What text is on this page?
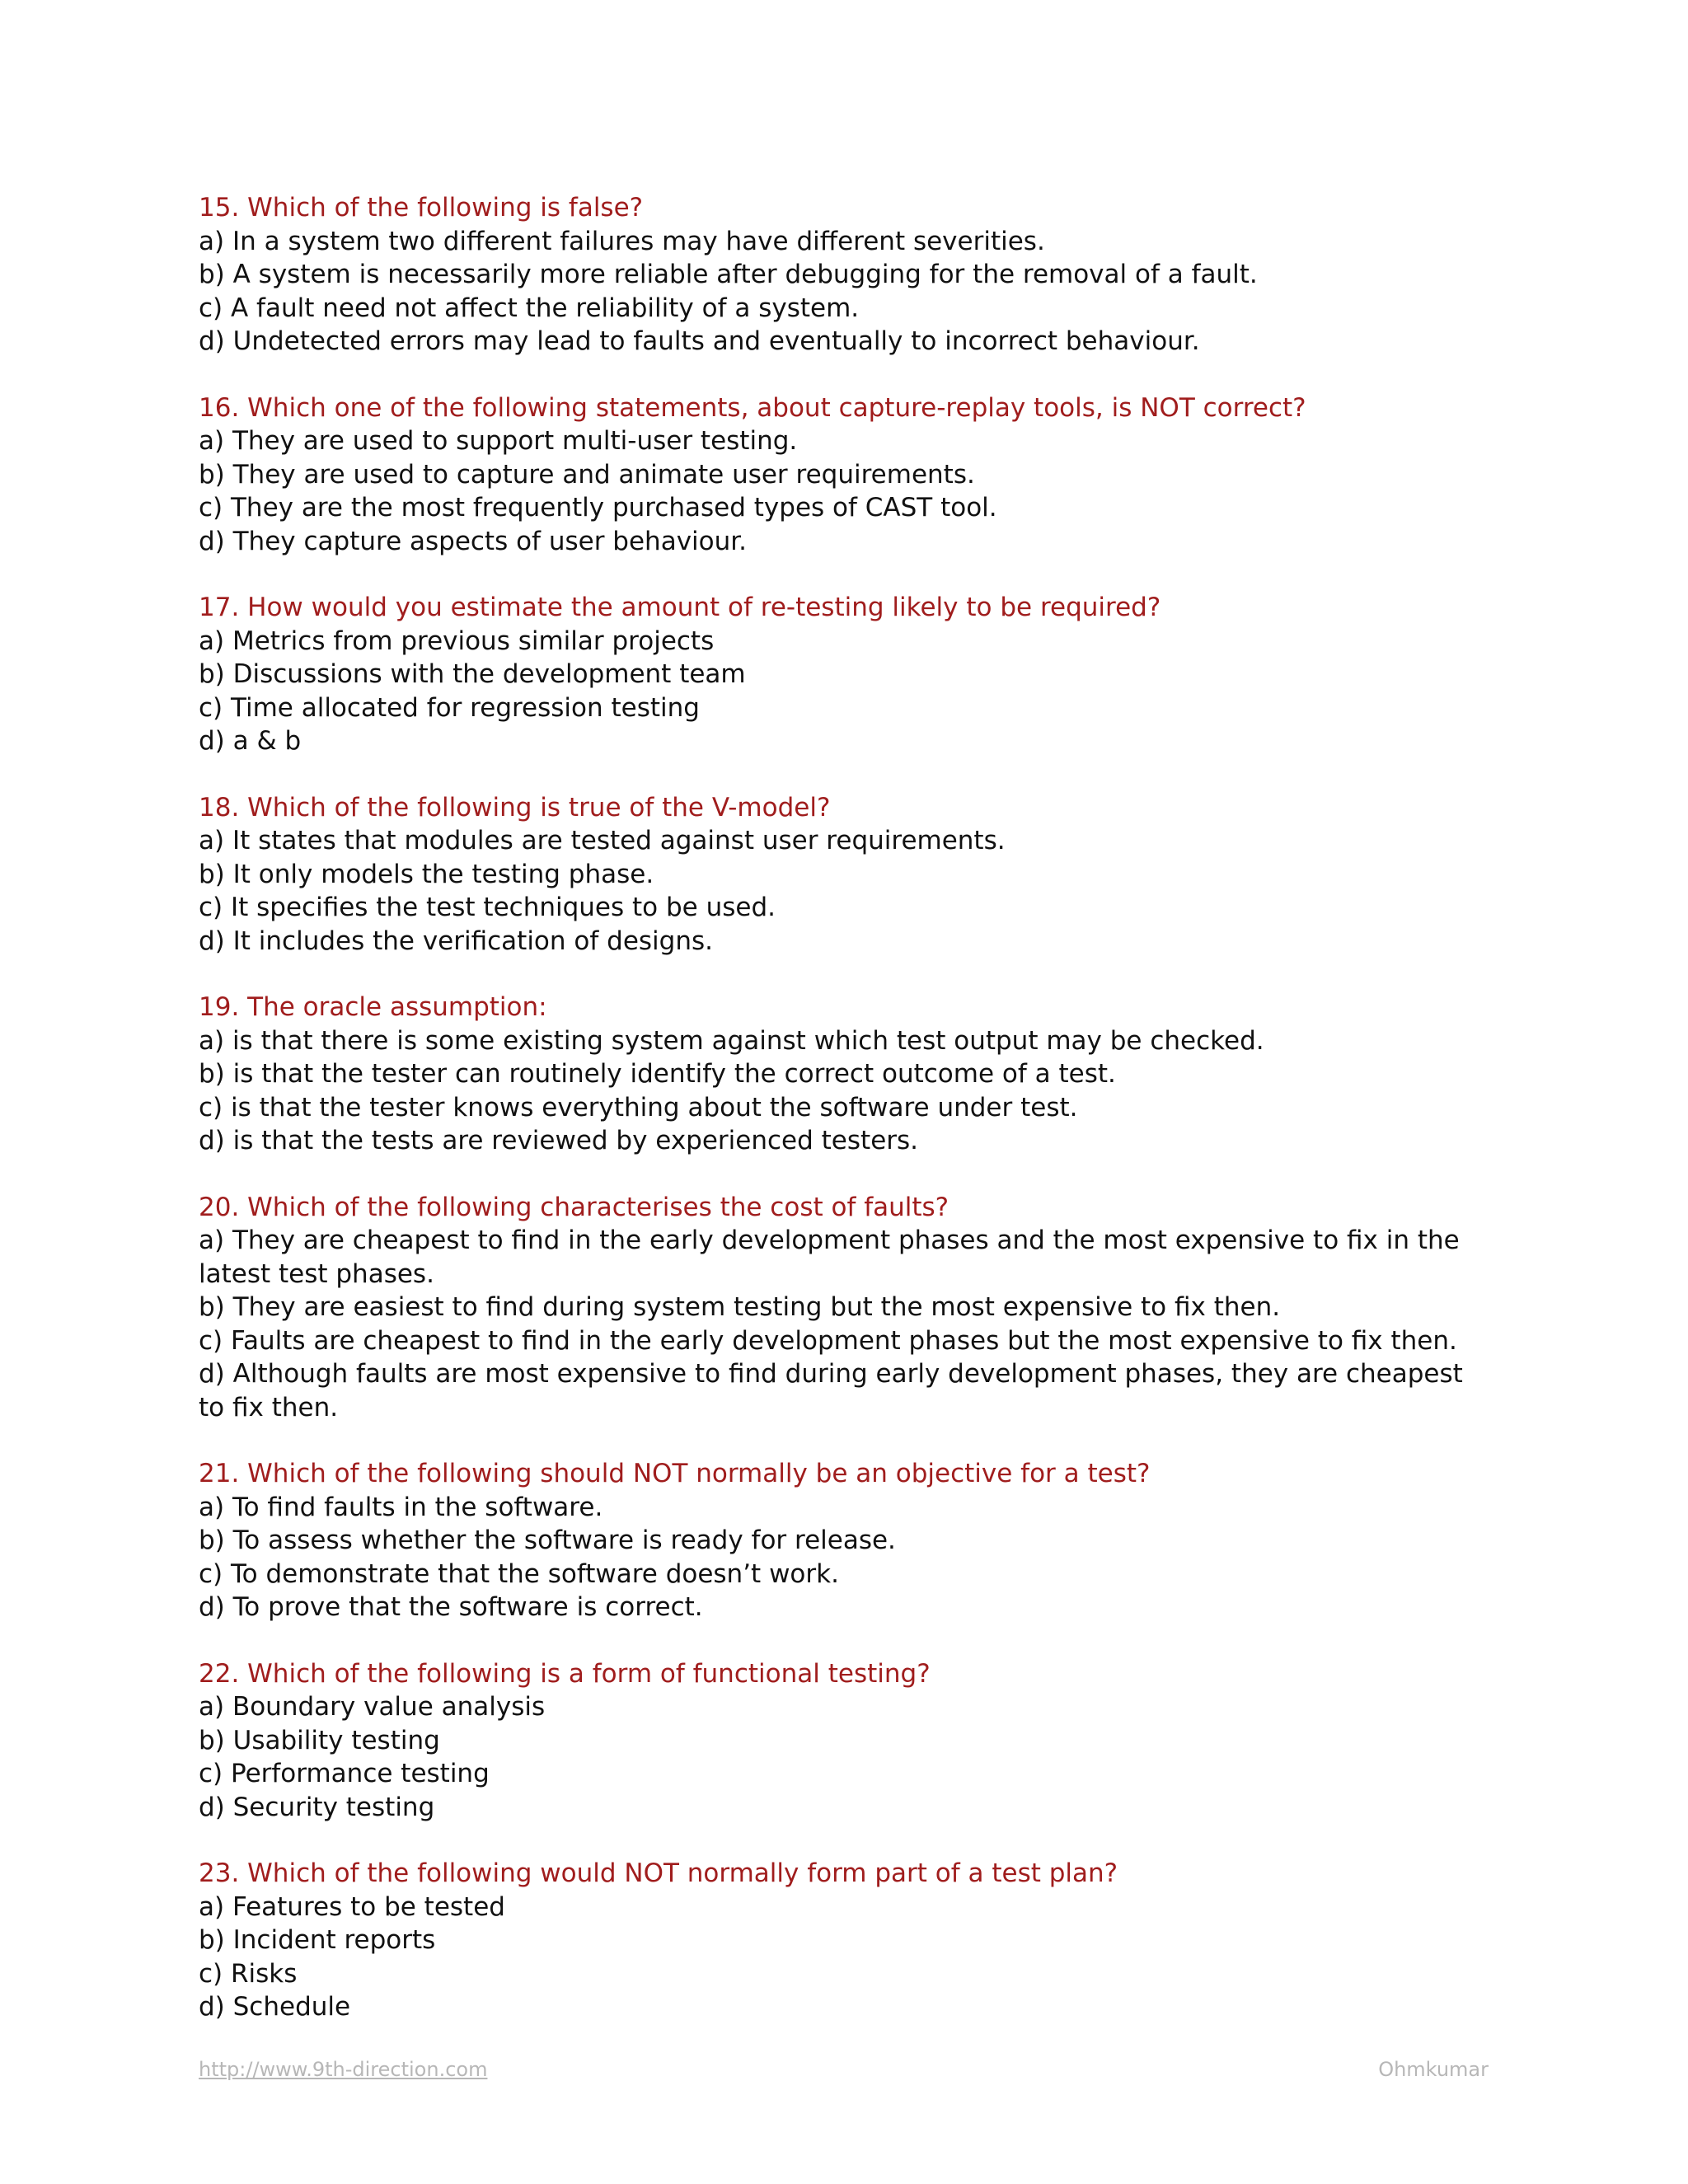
15. Which of the following is false?

a) In a system two different failures may have different severities.
b) A system is necessarily more reliable after debugging for the removal of a fault.
c) A fault need not affect the reliability of a system.
d) Undetected errors may lead to faults and eventually to incorrect behaviour.

16. Which one of the following statements, about capture-replay tools, is NOT correct?

a) They are used to support multi-user testing.
b) They are used to capture and animate user requirements.
c) They are the most frequently purchased types of CAST tool.
d) They capture aspects of user behaviour.

17. How would you estimate the amount of re-testing likely to be required?

a) Metrics from previous similar projects
b) Discussions with the development team
c) Time allocated for regression testing
d) a & b

18. Which of the following is true of the V-model?

a) It states that modules are tested against user requirements.
b) It only models the testing phase.
c) It specifies the test techniques to be used.
d) It includes the verification of designs.

19. The oracle assumption:

a) is that there is some existing system against which test output may be checked.
b) is that the tester can routinely identify the correct outcome of a test.
c) is that the tester knows everything about the software under test.
d) is that the tests are reviewed by experienced testers.

20. Which of the following characterises the cost of faults?

a) They are cheapest to find in the early development phases and the most expensive to fix in the latest test phases.
b) They are easiest to find during system testing but the most expensive to fix then.
c) Faults are cheapest to find in the early development phases but the most expensive to fix then.
d) Although faults are most expensive to find during early development phases, they are cheapest to fix then.

21. Which of the following should NOT normally be an objective for a test?

a) To find faults in the software.
b) To assess whether the software is ready for release.
c) To demonstrate that the software doesn’t work.
d) To prove that the software is correct.

22. Which of the following is a form of functional testing?

a) Boundary value analysis
b) Usability testing
c) Performance testing
d) Security testing

23. Which of the following would NOT normally form part of a test plan?

a) Features to be tested
b) Incident reports
c) Risks
d) Schedule
http://www.9th-direction.com	Ohmkumar
